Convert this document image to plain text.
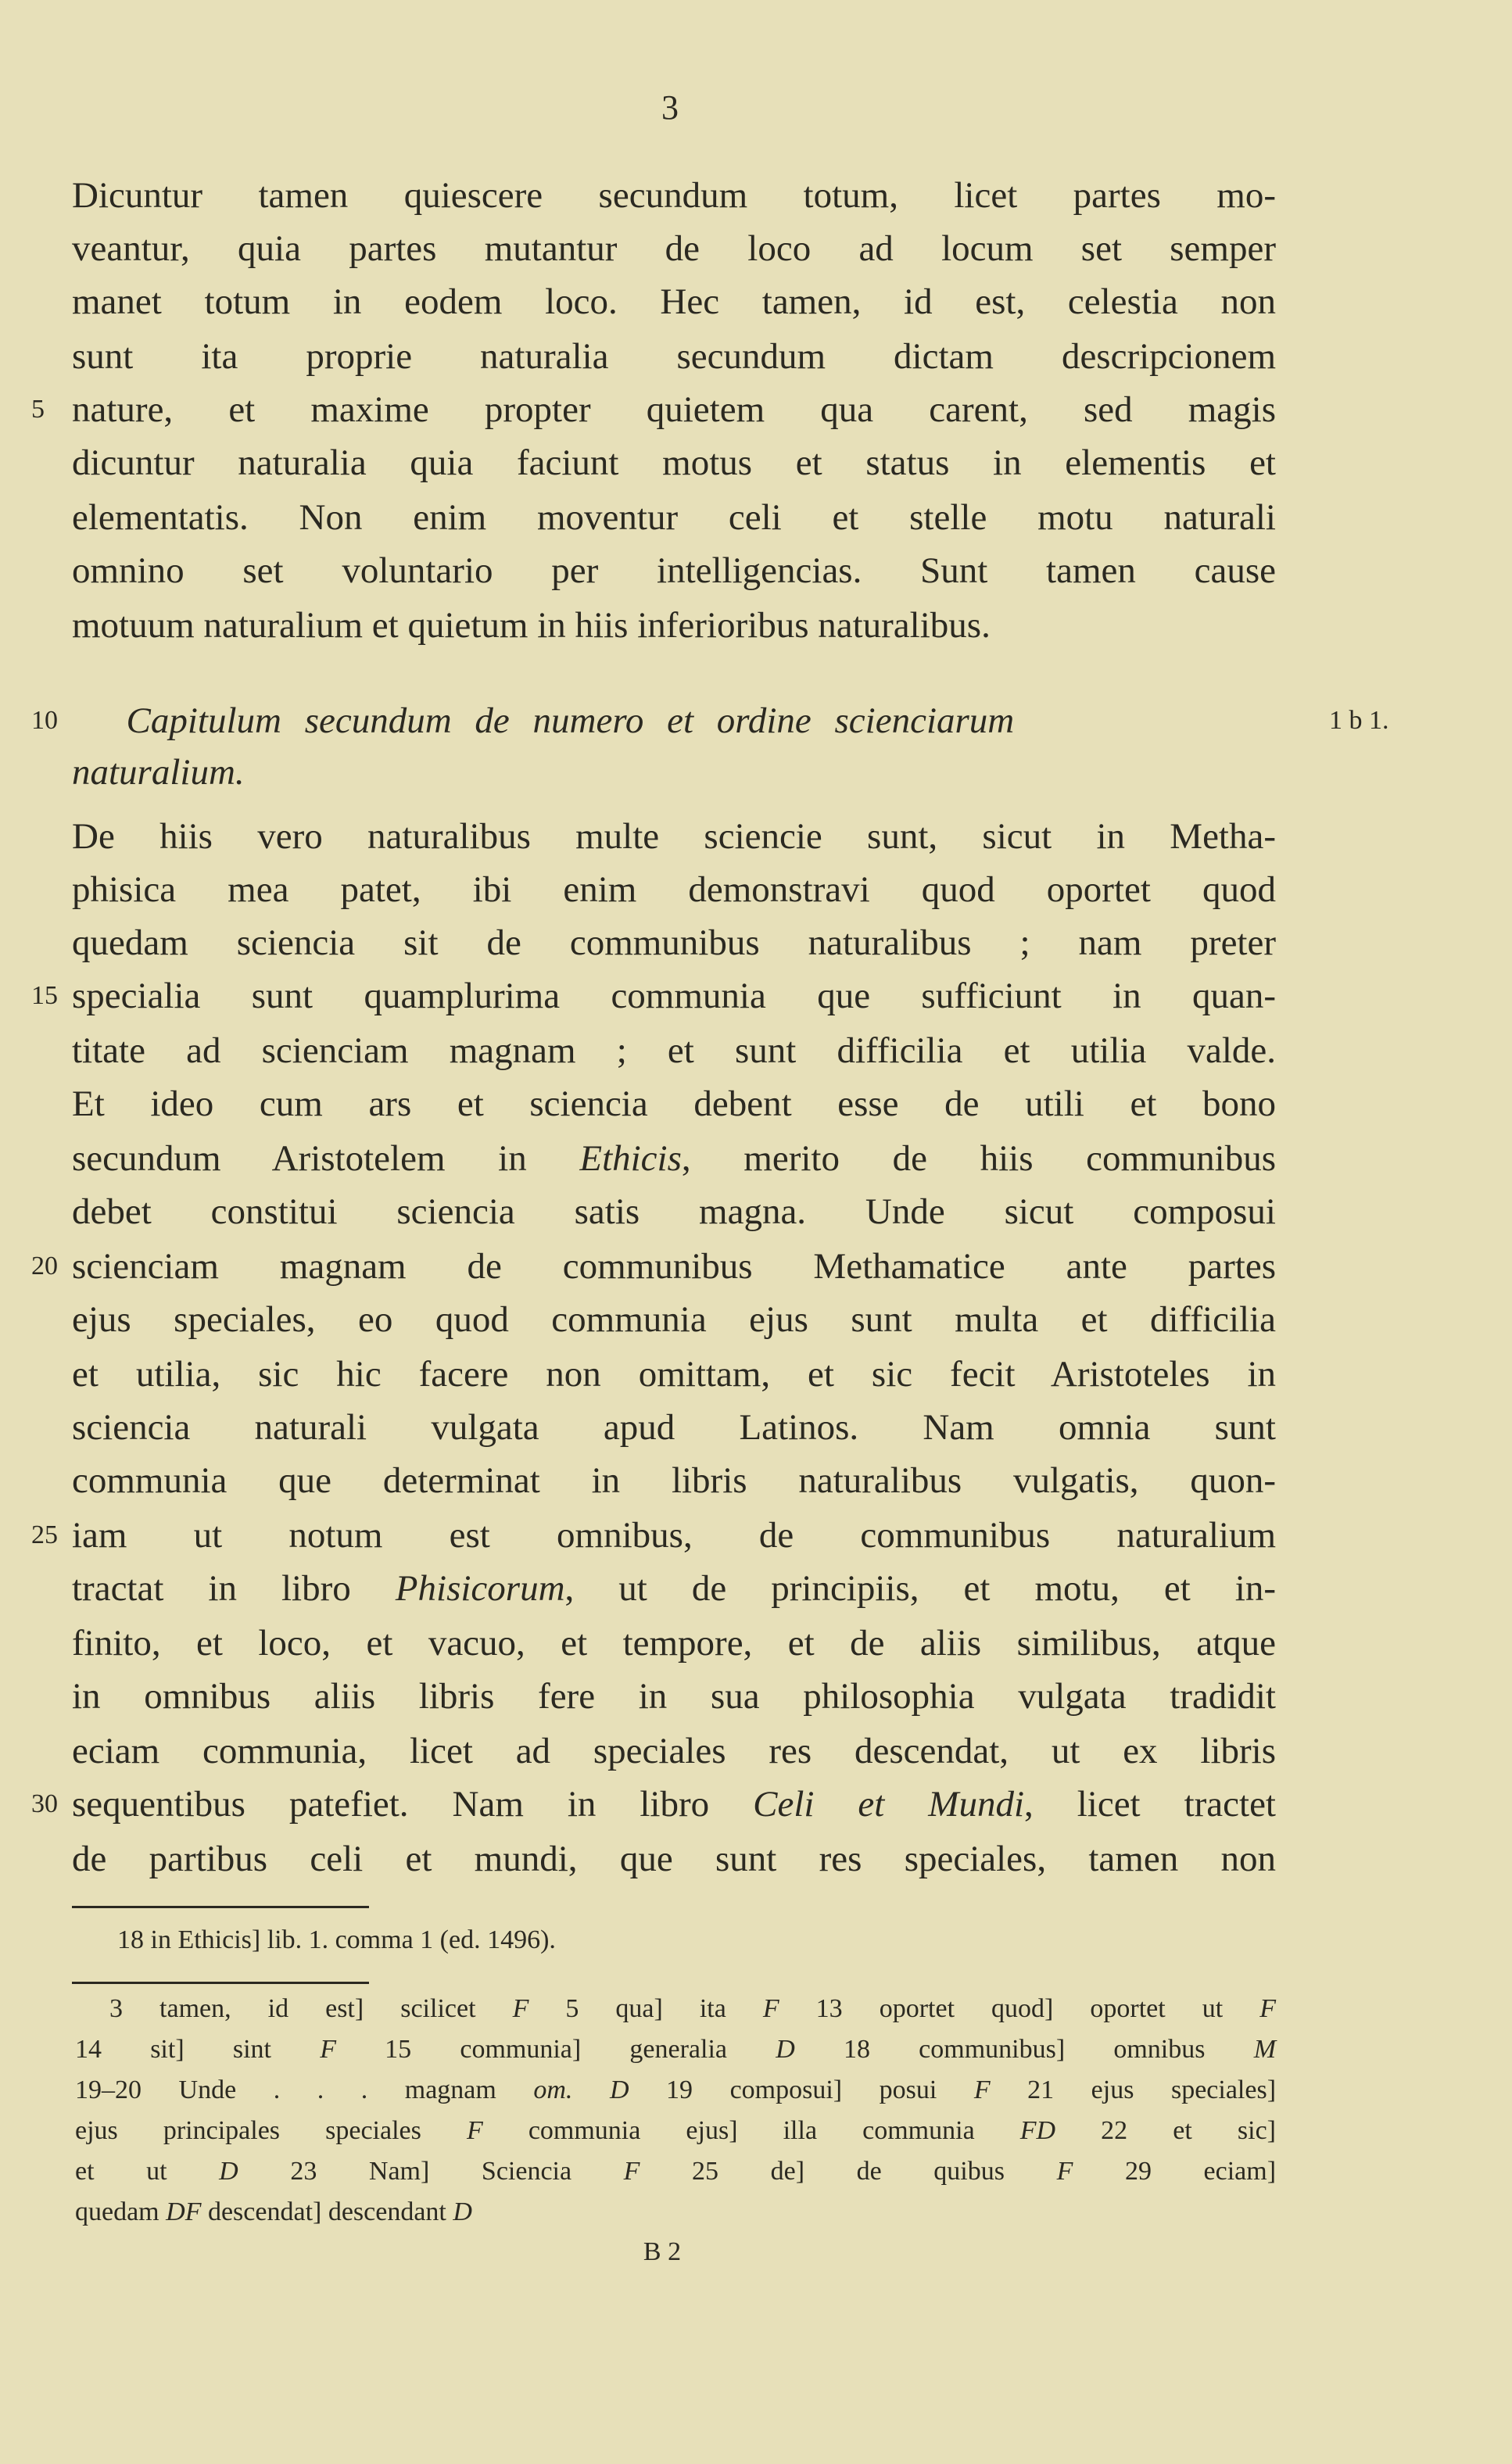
3
Dicuntur tamen quiescere secundum totum, licet partes mo-
veantur, quia partes mutantur de loco ad locum set semper
manet totum in eodem loco. Hec tamen, id est, celestia non
sunt ita proprie naturalia secundum dictam descripcionem
nature, et maxime propter quietem qua carent, sed magis
dicuntur naturalia quia faciunt motus et status in elementis et
elementatis. Non enim moventur celi et stelle motu naturali
omnino set voluntario per intelligencias. Sunt tamen cause
motuum naturalium et quietum in hiis inferioribus naturalibus.
Capitulum secundum de numero et ordine scienciarum
naturalium.
De hiis vero naturalibus multe sciencie sunt, sicut in Metha-
phisica mea patet, ibi enim demonstravi quod oportet quod
quedam sciencia sit de communibus naturalibus ; nam preter
specialia sunt quamplurima communia que sufficiunt in quan-
titate ad scienciam magnam ; et sunt difficilia et utilia valde.
Et ideo cum ars et sciencia debent esse de utili et bono
secundum Aristotelem in Ethicis, merito de hiis communibus
debet constitui sciencia satis magna. Unde sicut composui
scienciam magnam de communibus Methamatice ante partes
ejus speciales, eo quod communia ejus sunt multa et difficilia
et utilia, sic hic facere non omittam, et sic fecit Aristoteles in
sciencia naturali vulgata apud Latinos. Nam omnia sunt
communia que determinat in libris naturalibus vulgatis, quon-
iam ut notum est omnibus, de communibus naturalium
tractat in libro Phisicorum, ut de principiis, et motu, et in-
finito, et loco, et vacuo, et tempore, et de aliis similibus, atque
in omnibus aliis libris fere in sua philosophia vulgata tradidit
eciam communia, licet ad speciales res descendat, ut ex libris
sequentibus patefiet. Nam in libro Celi et Mundi, licet tractet
de partibus celi et mundi, que sunt res speciales, tamen non
5
10
15
20
25
30
1 b 1.
18 in Ethicis] lib. 1. comma 1 (ed. 1496).
3 tamen, id est] scilicet F 5 qua] ita F 13 oportet quod] oportet ut F
14 sit] sint F 15 communia] generalia D 18 communibus] omnibus M
19–20 Unde . . . magnam om. D 19 composui] posui F 21 ejus speciales]
ejus principales speciales F communia ejus] illa communia FD 22 et sic]
et ut D 23 Nam] Sciencia F 25 de] de quibus F 29 eciam]
quedam DF descendat] descendant D
B 2
